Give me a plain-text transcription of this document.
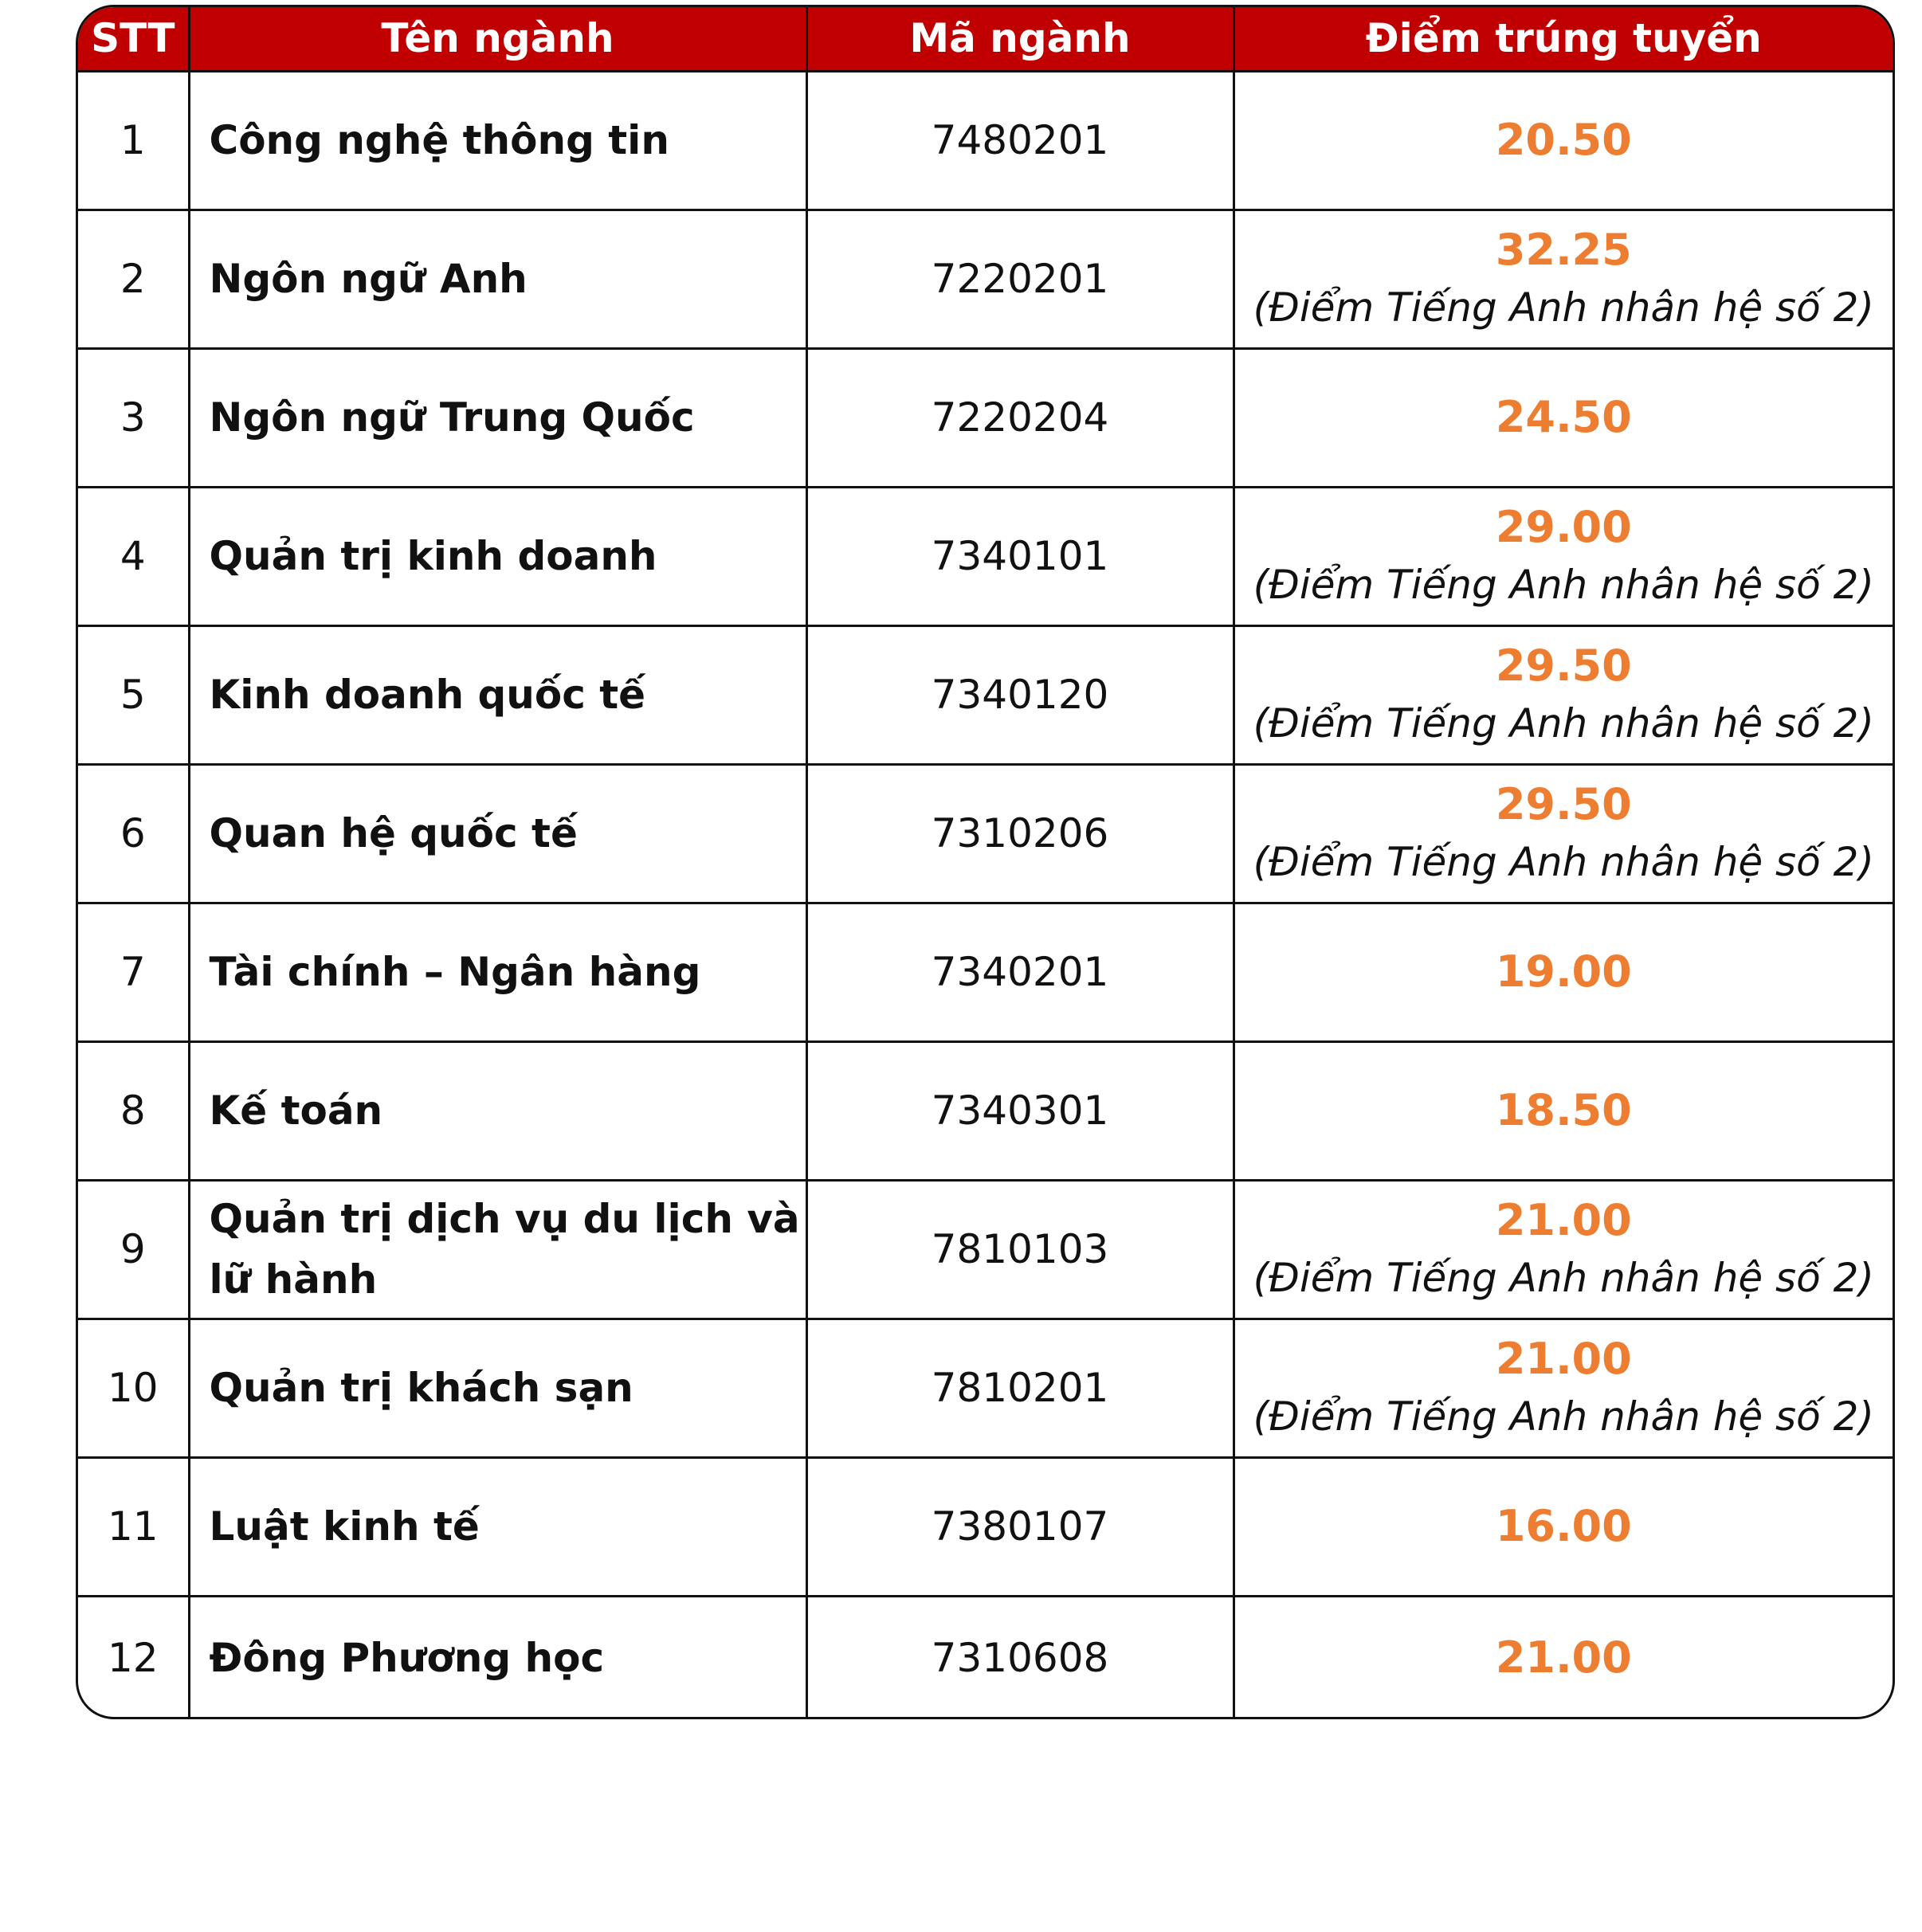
STT	Tên ngành	Mã ngành	Điểm trúng tuyển
1	Công nghệ thông tin	7480201	20.50

2	Ngôn ngữ Anh	7220201	32.25
(Điểm Tiếng Anh nhân hệ số 2)

3	Ngôn ngữ Trung Quốc	7220204	24.50

4	Quản trị kinh doanh	7340101	29.00
(Điểm Tiếng Anh nhân hệ số 2)

5	Kinh doanh quốc tế	7340120	29.50
(Điểm Tiếng Anh nhân hệ số 2)

6	Quan hệ quốc tế	7310206	29.50
(Điểm Tiếng Anh nhân hệ số 2)

7	Tài chính – Ngân hàng	7340201	19.00

8	Kế toán	7340301	18.50

9	Quản trị dịch vụ du lịch và lữ hành	7810103	21.00
(Điểm Tiếng Anh nhân hệ số 2)

10	Quản trị khách sạn	7810201	21.00
(Điểm Tiếng Anh nhân hệ số 2)

11	Luật kinh tế	7380107	16.00

12	Đông Phương học	7310608	21.00
